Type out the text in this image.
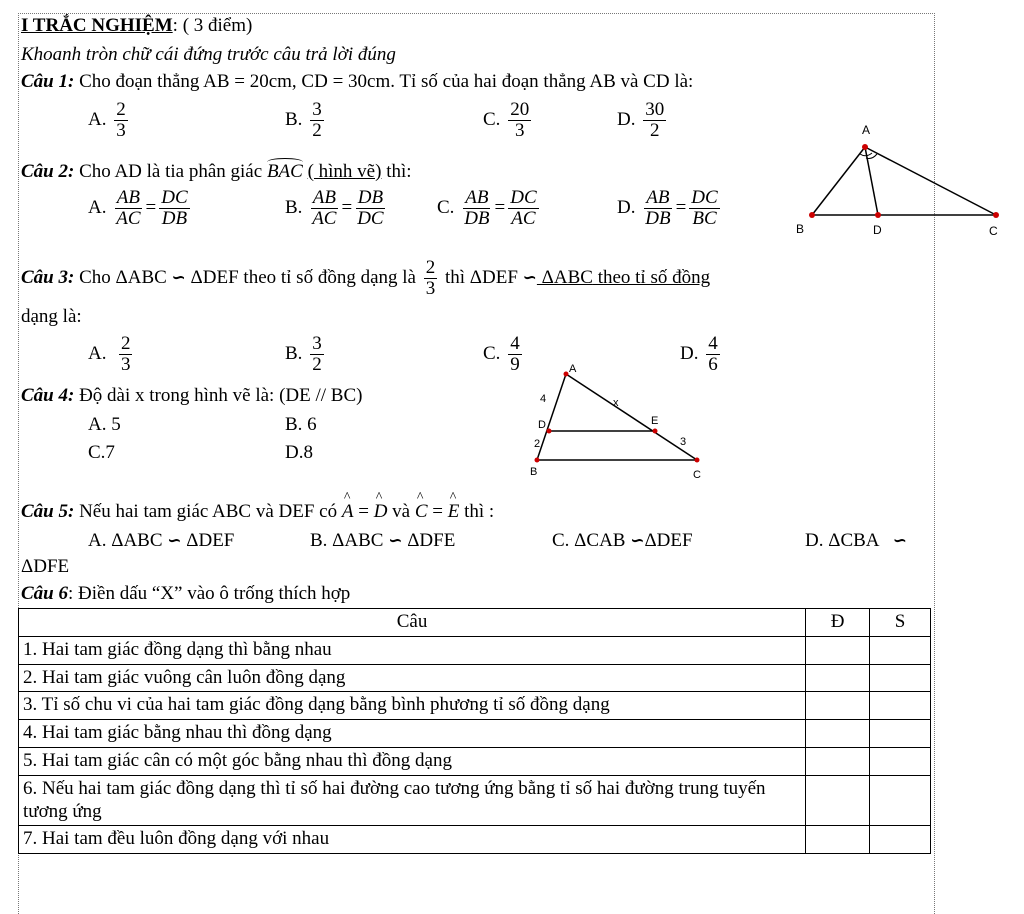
I TRẮC NGHIỆM: ( 3 điểm)
Khoanh tròn chữ cái đứng trước câu trả lời đúng
Câu 1: Cho đoạn thẳng AB = 20cm, CD = 30cm. Tỉ số của hai đoạn thẳng AB và CD là:
A. $\frac{2}{3}$	B. $\frac{3}{2}$	C. $\frac{20}{3}$	D. $\frac{30}{2}$
Câu 2: Cho AD là tia phân giác BAC ( hình vẽ) thì:
A. $\frac{AB}{AC} = \frac{DC}{DB}$	B. $\frac{AB}{AC} = \frac{DB}{DC}$	C. $\frac{AB}{DB} = \frac{DC}{AC}$	D. $\frac{AB}{DB} = \frac{DC}{BC}$
A
B	D	C
Câu 3: Cho ΔABC ∽ ΔDEF theo tỉ số đồng dạng là $\frac{2}{3}$ thì ΔDEF ∽ ΔABC theo tỉ số đồng
dạng là:
A. $\frac{2}{3}$	B. $\frac{3}{2}$	C. $\frac{4}{9}$	D. $\frac{4}{6}$
Câu 4: Độ dài x trong hình vẽ là: (DE // BC)
A. 5	B. 6
C.7	D.8
A
D	E
B	C
4	x
2	3
Câu 5: Nếu hai tam giác ABC và DEF có ^ A = ^ D và ^ C = ^ E thì :
A. ΔABC ∽ ΔDEF	B. ΔABC ∽ ΔDFE	C. ΔCAB ∽ΔDEF	D. ΔCBA   ∽
ΔDFE
Câu 6: Điền dấu “X” vào ô trống thích hợp
Câu	Đ	S
1. Hai tam giác đồng dạng thì bằng nhau		
2. Hai tam giác vuông cân luôn đồng dạng		
3. Tỉ số chu vi của hai tam giác đồng dạng bằng bình phương tỉ số đồng dạng		
4. Hai tam giác bằng nhau thì đồng dạng		
5. Hai tam giác cân có một góc bằng nhau thì đồng dạng		
6. Nếu hai tam giác đồng dạng thì tỉ số hai đường cao tương ứng bằng tỉ số hai đường trung tuyến tương ứng		
7. Hai tam đều luôn đồng dạng với nhau		
